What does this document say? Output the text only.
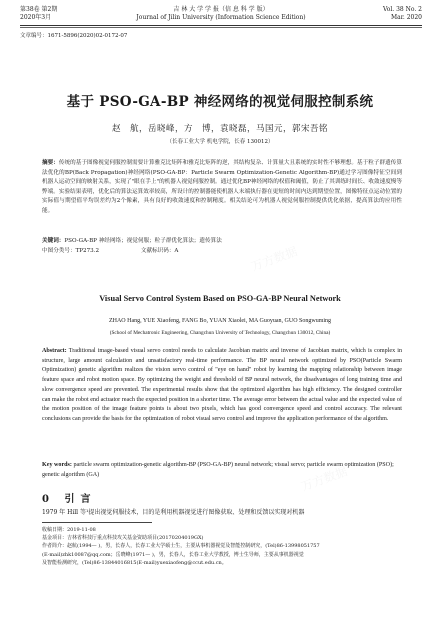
第38卷 第2期
2020年3月
吉 林 大 学 学 报（信 息 科 学 版）
Journal of Jilin University (Information Science Edition)
Vol. 38 No. 2
Mar. 2020
文章编号：1671-5896(2020)02-0172-07
基于 PSO-GA-BP 神经网络的视觉伺服控制系统
赵　航，岳晓峰，方　博，袁晓磊，马国元，郭宋吾铭
（长春工业大学 机电学院，长春 130012）
摘要：传统的基于图像视觉伺服控制需要计算雅克比矩阵和雅克比矩阵的逆，其结构复杂、计算量大且系统的实时性不够理想。基于粒子群遗传算法优化的BP(Back Propagation)神经网络(PSO-GA-BP：Particle Swarm Optimization-Genetic Algorithm-BP)通过学习图像特征空间到机器人运动空间的映射关系，实现了"眼在手上"的机器人视觉伺服控制。通过优化BP神经网络的权值和阈值，防止了其训练时间长、收敛速度慢等弊端。实验结果表明，优化后的算法运算效率较高，所设计的控制器能使机器人末端执行器在更短的时间内达到期望位置，图像特征点运动位置的实际值与期望值平均误差约为2个像素，具有良好的收敛速度和控制精度。相关结论可为机器人视觉伺服控制提供优化依据，提高算法的应用性能。
关键词：PSO-GA-BP 神经网络；视觉伺服；粒子群优化算法；遗传算法
中图分类号：TP273.2	文献标识码：A
Visual Servo Control System Based on PSO-GA-BP Neural Network
ZHAO Hang, YUE Xiaofeng, FANG Bo, YUAN Xiaolei, MA Guoyuan, GUO Songwuming
(School of Mechatronic Engineering, Changchun University of Technology, Changchun 130012, China)
Abstract: Traditional image-based visual servo control needs to calculate Jacobian matrix and inverse of Jacobian matrix, which is complex in structure, large amount calculation and unsatisfactory real-time performance. The BP neural network optimized by PSO(Particle Swarm Optimization) genetic algorithm realizes the vision servo control of "eye on hand" robot by learning the mapping relationship between image feature space and robot motion space. By optimizing the weight and threshold of BP neural network, the disadvantages of long training time and slow convergence speed are prevented. The experimental results show that the optimized algorithm has high efficiency. The designed controller can make the robot end actuator reach the expected position in a shorter time. The average error between the actual value and the expected value of the motion position of the image feature points is about two pixels, which has good convergence speed and control accuracy. The relevant conclusions can provide the basis for the optimization of robot visual servo control and improve the application performance of the algorithm.
Key words: particle swarm optimization-genetic algorithm-BP (PSO-GA-BP) neural network; visual servo; particle swarm optimization (PSO); genetic algorithm (GA)
0 引言
1979 年 Hill 等¹提出视觉伺服技术，目的是利用机器视觉进行图像获取、处理和反馈以实现对机器
收稿日期：2019-11-08
基金项目：吉林省科技厅重点科技攻关基金资助项目(20170204019GX)
作者简介：赵航(1994— )，男，长春人，长春工业大学硕士生，主要从事机器视觉及智能控制研究，(Tel)86-13998051757
(E-mail)zhk10087@qq.com；岳晓峰(1971— )，男，长春人，长春工业大学教授，博士生导师，主要从事机器视觉
及智能检测研究，(Tel)86-13844016815(E-mail)yuexiaofeng@ccut.edu.cn。
万方数据
万方数据
万方数据
万方数据
